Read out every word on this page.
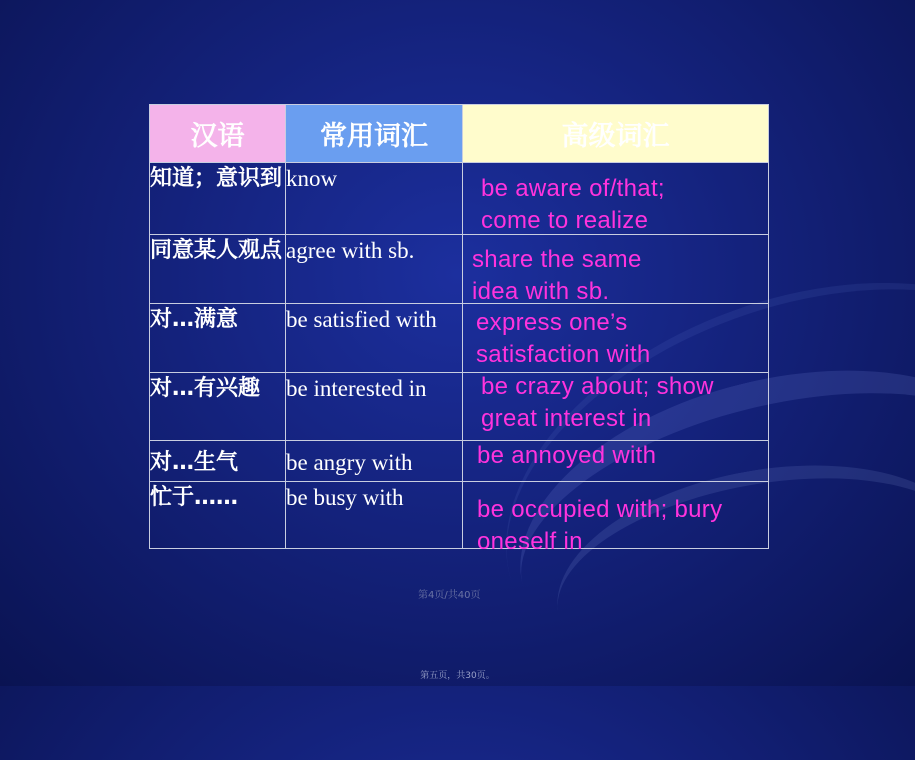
汉语	常用词汇	高级词汇
知道；意识到	know	be aware of/that;
come to realize

同意某人观点	agree with sb.	share the same
idea with sb.

对…满意	be satisfied with	express one’s
satisfaction with

对…有兴趣	be interested in	be crazy about; show
great interest in

对…生气	be angry with	be annoyed with

忙于……	be busy with	be occupied with; bury
oneself in
第4页/共40页
第五页，共30页。
